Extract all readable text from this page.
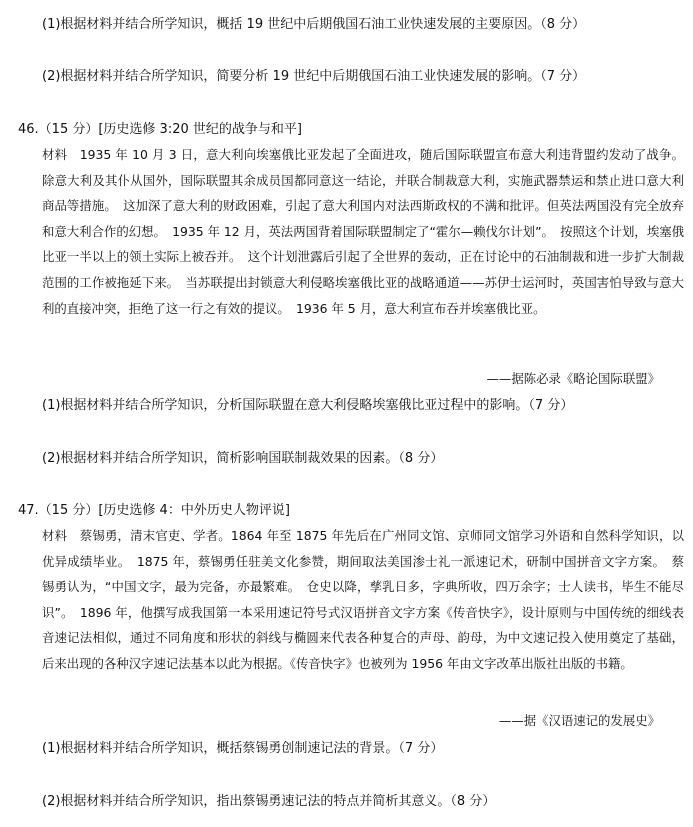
(1)根据材料并结合所学知识，概括 19 世纪中后期俄国石油工业快速发展的主要原因。（8 分）
(2)根据材料并结合所学知识，简要分析 19 世纪中后期俄国石油工业快速发展的影响。（7 分）
46.（15 分）[历史选修 3:20 世纪的战争与和平]
材料　1935 年 10 月 3 日，意大利向埃塞俄比亚发起了全面进攻，随后国际联盟宣布意大利违背盟约发动了战争。除意大利及其仆从国外，国际联盟其余成员国都同意这一结论，并联合制裁意大利，实施武器禁运和禁止进口意大利商品等措施。　这加深了意大利的财政困难，引起了意大利国内对法西斯政权的不满和批评。但英法两国没有完全放弃和意大利合作的幻想。　1935 年 12 月，英法两国背着国际联盟制定了“霍尔—赖伐尔计划”。　按照这个计划，埃塞俄比亚一半以上的领土实际上被吞并。　这个计划泄露后引起了全世界的轰动，正在讨论中的石油制裁和进一步扩大制裁范围的工作被拖延下来。　当苏联提出封锁意大利侵略埃塞俄比亚的战略通道——苏伊士运河时，英国害怕导致与意大利的直接冲突，拒绝了这一行之有效的提议。　1936 年 5 月，意大利宣布吞并埃塞俄比亚。
——据陈必录《略论国际联盟》
(1)根据材料并结合所学知识，分析国际联盟在意大利侵略埃塞俄比亚过程中的影响。（7 分）
(2)根据材料并结合所学知识，简析影响国联制裁效果的因素。（8 分）
47.（15 分）[历史选修 4：中外历史人物评说]
材料　蔡锡勇，清末官吏、学者。1864 年至 1875 年先后在广州同文馆、京师同文馆学习外语和自然科学知识，以优异成绩毕业。　1875 年，蔡锡勇任驻美文化参赞，期间取法美国渗士礼一派速记术，研制中国拼音文字方案。　蔡锡勇认为，“中国文字，最为完备，亦最繁难。　仓史以降，孳乳日多，字典所收，四万余字；士人读书，毕生不能尽识”。　1896 年，他撰写成我国第一本采用速记符号式汉语拼音文字方案《传音快字》，设计原则与中国传统的细线表音速记法相似，通过不同角度和形状的斜线与椭圆来代表各种复合的声母、韵母，为中文速记投入使用奠定了基础，后来出现的各种汉字速记法基本以此为根据。《传音快字》也被列为 1956 年由文字改革出版社出版的书籍。
——据《汉语速记的发展史》
(1)根据材料并结合所学知识，概括蔡锡勇创制速记法的背景。（7 分）
(2)根据材料并结合所学知识，指出蔡锡勇速记法的特点并简析其意义。（8 分）
